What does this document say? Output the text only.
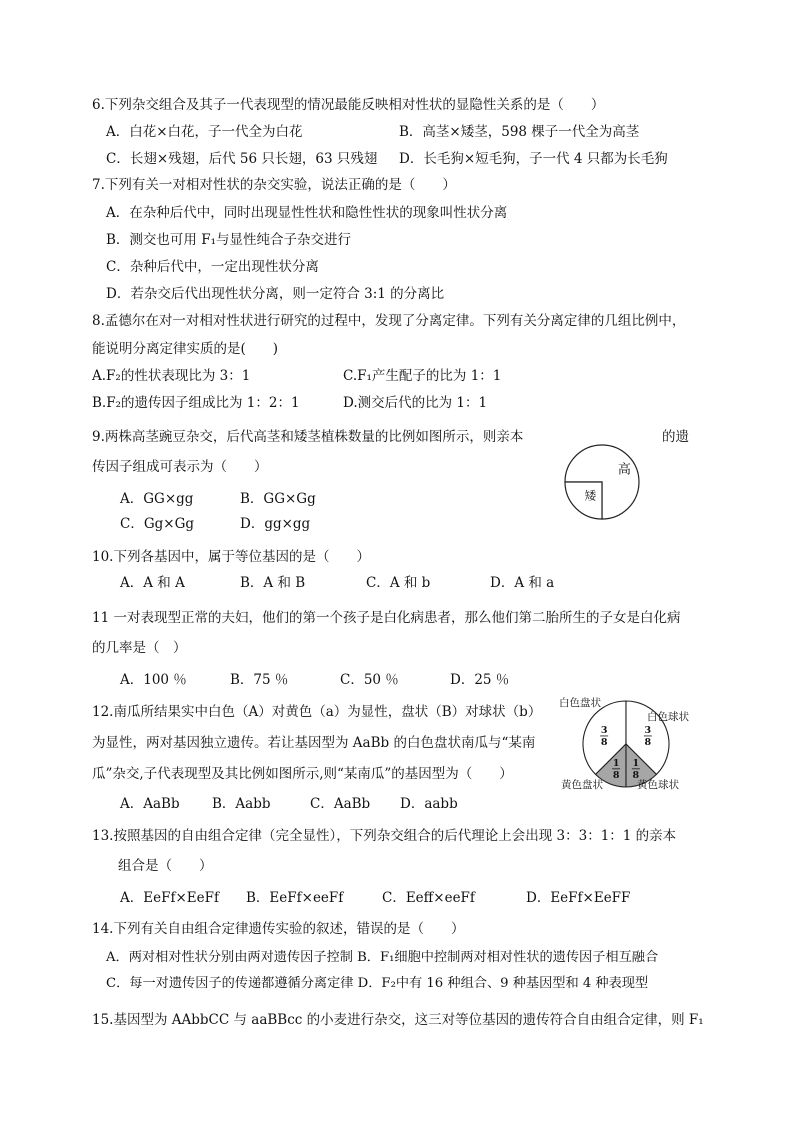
6.下列杂交组合及其子一代表现型的情况最能反映相对性状的显隐性关系的是（　　）
A．白花×白花，子一代全为白花	B．高茎×矮茎，598 棵子一代全为高茎
C．长翅×残翅，后代 56 只长翅，63 只残翅 D．长毛狗×短毛狗，子一代 4 只都为长毛狗
7.下列有关一对相对性状的杂交实验，说法正确的是（　　）
A．在杂种后代中，同时出现显性性状和隐性性状的现象叫性状分离
B．测交也可用 F₁与显性纯合子杂交进行
C．杂种后代中，一定出现性状分离
D．若杂交后代出现性状分离，则一定符合 3:1 的分离比
8.孟德尔在对一对相对性状进行研究的过程中，发现了分离定律。下列有关分离定律的几组比例中，
能说明分离定律实质的是(　　)
A.F₂的性状表现比为 3：1	C.F₁产生配子的比为 1：1
B.F₂的遗传因子组成比为 1：2：1	D.测交后代的比为 1：1
9.两株高茎豌豆杂交，后代高茎和矮茎植株数量的比例如图所示，则亲本	的遗
传因子组成可表示为（　　）
A．GG×gg	B．GG×Gg
C．Gg×Gg	D．gg×gg
高
矮
10.下列各基因中，属于等位基因的是（　　）
A．A 和 A	B．A 和 B	C．A 和 b	D．A 和 a
11 一对表现型正常的夫妇，他们的第一个孩子是白化病患者，那么他们第二胎所生的子女是白化病
的几率是（　）
A．100 ％	B．75 ％	C．50 ％	D．25 ％
12.南瓜所结果实中白色（A）对黄色（a）为显性，盘状（B）对球状（b）
为显性，两对基因独立遗传。若让基因型为 AaBb 的白色盘状南瓜与“某南
瓜”杂交,子代表现型及其比例如图所示,则“某南瓜”的基因型为（　　）
A．AaBb B．Aabb	C．AaBb D．aabb
3
8
3
8
1
8
1
8
白色盘状
白色球状
黄色盘状	黄色球状
13.按照基因的自由组合定律（完全显性），下列杂交组合的后代理论上会出现 3：3：1：1 的亲本
组合是（　　）
A．EeFf×EeFf B．EeFf×eeFf	C．Eeff×eeFf	D．EeFf×EeFF
14.下列有关自由组合定律遗传实验的叙述，错误的是（　　）
A．两对相对性状分别由两对遗传因子控制 B．F₁细胞中控制两对相对性状的遗传因子相互融合
C．每一对遗传因子的传递都遵循分离定律 D．F₂中有 16 种组合、9 种基因型和 4 种表现型
15.基因型为 AAbbCC 与 aaBBcc 的小麦进行杂交，这三对等位基因的遗传符合自由组合定律，则 F₁
